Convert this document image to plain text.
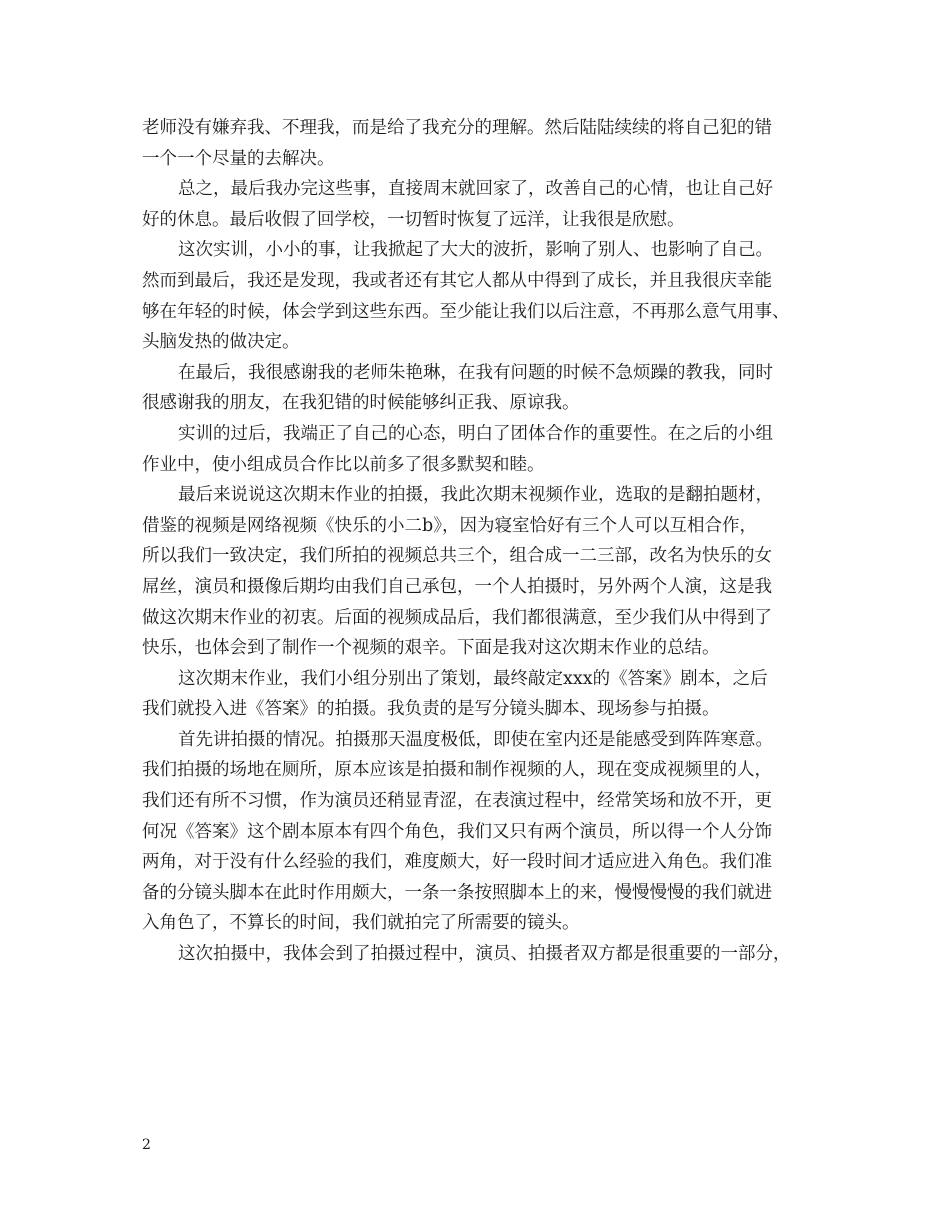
老师没有嫌弃我、不理我，而是给了我充分的理解。然后陆陆续续的将自己犯的错
一个一个尽量的去解决。
总之，最后我办完这些事，直接周末就回家了，改善自己的心情，也让自己好
好的休息。最后收假了回学校，一切暂时恢复了远洋，让我很是欣慰。
这次实训，小小的事，让我掀起了大大的波折，影响了别人、也影响了自己。
然而到最后，我还是发现，我或者还有其它人都从中得到了成长，并且我很庆幸能
够在年轻的时候，体会学到这些东西。至少能让我们以后注意，不再那么意气用事、
头脑发热的做决定。
在最后，我很感谢我的老师朱艳琳，在我有问题的时候不急烦躁的教我，同时
很感谢我的朋友，在我犯错的时候能够纠正我、原谅我。
实训的过后，我端正了自己的心态，明白了团体合作的重要性。在之后的小组
作业中，使小组成员合作比以前多了很多默契和睦。
最后来说说这次期末作业的拍摄，我此次期末视频作业，选取的是翻拍题材，
借鉴的视频是网络视频《快乐的小二b》，因为寝室恰好有三个人可以互相合作，
所以我们一致决定，我们所拍的视频总共三个，组合成一二三部，改名为快乐的女
屌丝，演员和摄像后期均由我们自己承包，一个人拍摄时，另外两个人演，这是我
做这次期末作业的初衷。后面的视频成品后，我们都很满意，至少我们从中得到了
快乐，也体会到了制作一个视频的艰辛。下面是我对这次期末作业的总结。
这次期末作业，我们小组分别出了策划，最终敲定xxx的《答案》剧本，之后
我们就投入进《答案》的拍摄。我负责的是写分镜头脚本、现场参与拍摄。
首先讲拍摄的情况。拍摄那天温度极低，即使在室内还是能感受到阵阵寒意。
我们拍摄的场地在厕所，原本应该是拍摄和制作视频的人，现在变成视频里的人，
我们还有所不习惯，作为演员还稍显青涩，在表演过程中，经常笑场和放不开，更
何况《答案》这个剧本原本有四个角色，我们又只有两个演员，所以得一个人分饰
两角，对于没有什么经验的我们，难度颇大，好一段时间才适应进入角色。我们准
备的分镜头脚本在此时作用颇大，一条一条按照脚本上的来，慢慢慢慢的我们就进
入角色了，不算长的时间，我们就拍完了所需要的镜头。
这次拍摄中，我体会到了拍摄过程中，演员、拍摄者双方都是很重要的一部分，
2
